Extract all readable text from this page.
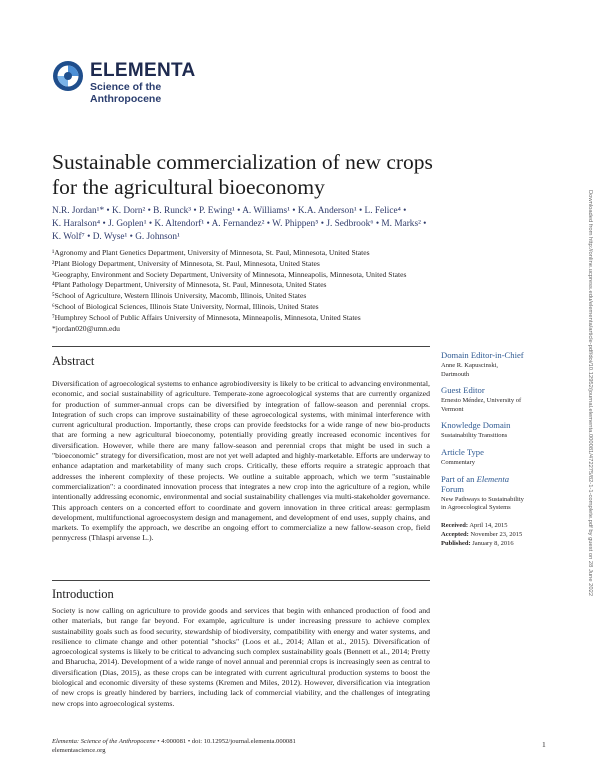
ELEMENTA
Science of the Anthropocene
Sustainable commercialization of new crops
for the agricultural bioeconomy
N.R. Jordan¹* • K. Dorn² • B. Runck³ • P. Ewing¹ • A. Williams¹ • K.A. Anderson¹ • L. Felice⁴ •
K. Haralson⁴ • J. Goplen¹ • K. Altendorf¹ • A. Fernandez² • W. Phippen⁵ • J. Sedbrook⁶ • M. Marks² •
K. Wolf⁷ • D. Wyse¹ • G. Johnson¹
¹Agronomy and Plant Genetics Department, University of Minnesota, St. Paul, Minnesota, United States
²Plant Biology Department, University of Minnesota, St. Paul, Minnesota, United States
³Geography, Environment and Society Department, University of Minnesota, Minneapolis, Minnesota, United States
⁴Plant Pathology Department, University of Minnesota, St. Paul, Minnesota, United States
⁵School of Agriculture, Western Illinois University, Macomb, Illinois, United States
⁶School of Biological Sciences, Illinois State University, Normal, Illinois, United States
⁷Humphrey School of Public Affairs University of Minnesota, Minneapolis, Minnesota, United States
*jordan020@umn.edu
Abstract
Diversification of agroecological systems to enhance agrobiodiversity is likely to be critical to advancing environmental, economic, and social sustainability of agriculture. Temperate-zone agroecological systems that are currently organized for production of summer-annual crops can be diversified by integration of fallow-season and perennial crops. Integration of such crops can improve sustainability of these agroecological systems, with minimal interference with current agricultural production. Importantly, these crops can provide feedstocks for a wide range of new bio-products that are forming a new agricultural bioeconomy, potentially providing greatly increased economic incentives for diversification. However, while there are many fallow-season and perennial crops that might be used in such a "bioeconomic" strategy for diversification, most are not yet well adapted and highly-marketable. Efforts are underway to enhance adaptation and marketability of many such crops. Critically, these efforts require a strategic approach that addresses the inherent complexity of these projects. We outline a suitable approach, which we term "sustainable commercialization": a coordinated innovation process that integrates a new crop into the agriculture of a region, while intentionally addressing economic, environmental and social sustainability challenges via multi-stakeholder governance. This approach centers on a concerted effort to coordinate and govern innovation in three critical areas: germplasm development, multifunctional agroecosystem design and management, and development of end uses, supply chains, and markets. To exemplify the approach, we describe an ongoing effort to commercialize a new fallow-season crop, field pennycress (Thlaspi arvense L.).
Introduction
Society is now calling on agriculture to provide goods and services that begin with enhanced production of food and other materials, but range far beyond. For example, agriculture is under increasing pressure to achieve complex sustainability goals such as food security, stewardship of biodiversity, compatibility with energy and water systems, and resilience to climate change and other potential "shocks" (Loos et al., 2014; Allan et al., 2015). Diversification of agroecological systems is likely to be critical to advancing such complex sustainability goals (Bennett et al., 2014; Pretty and Bharucha, 2014). Development of a wide range of novel annual and perennial crops is increasingly seen as central to diversification (Dias, 2015), as these crops can be integrated with current agricultural production systems to boost the biological and economic diversity of these systems (Kremen and Miles, 2012). However, diversification via integration of new crops is greatly hindered by barriers, including lack of commercial viability, and the challenges of integrating new crops into agroecological systems.
Domain Editor-in-Chief
Anne R. Kapuscinski,
Dartmouth
Guest Editor
Ernesto Méndez, University of
Vermont
Knowledge Domain
Sustainability Transitions
Article Type
Commentary
Part of an Elementa
Forum
New Pathways to Sustainability
in Agroecological Systems
Received: April 14, 2015
Accepted: November 23, 2015
Published: January 8, 2016	Downloaded from http://online.ucpress.edu/elementa/article-pdf/doi/10.12952/journal.elementa.000081/472275/82-1-1-complete.pdf by guest on 28 June 2022
Elementa: Science of the Anthropocene • 4:000081 • doi: 10.12952/journal.elementa.000081
elementascience.org
1
